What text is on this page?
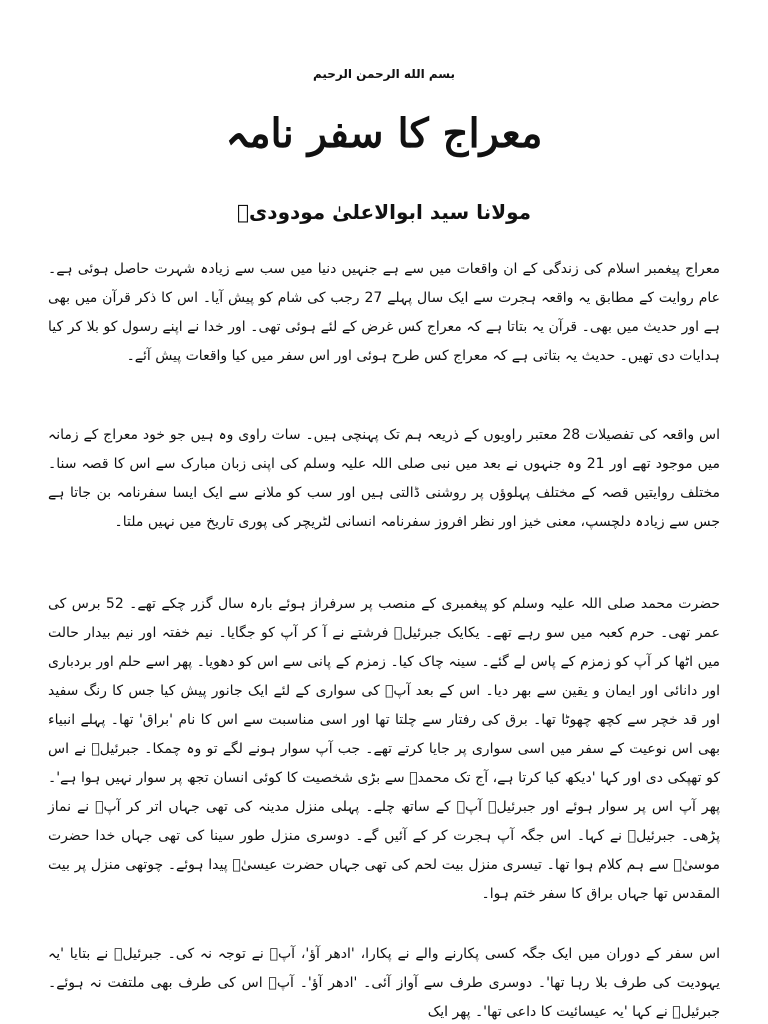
بسم الله الرحمن الرحیم
معراج کا سفر نامہ
مولانا سید ابوالاعلیٰ مودودیؒ

معراج پیغمبر اسلام کی زندگی کے ان واقعات میں سے ہے جنہیں دنیا میں سب سے زیادہ شہرت حاصل ہوئی ہے۔ عام روایت کے مطابق یہ واقعہ ہجرت سے ایک سال پہلے 27 رجب کی شام کو پیش آیا۔ اس کا ذکر قرآن میں بھی ہے اور حدیث میں بھی۔ قرآن یہ بتاتا ہے کہ معراج کس غرض کے لئے ہوئی تھی۔ اور خدا نے اپنے رسول کو بلا کر کیا ہدایات دی تھیں۔ حدیث یہ بتاتی ہے کہ معراج کس طرح ہوئی اور اس سفر میں کیا واقعات پیش آئے۔

اس واقعہ کی تفصیلات 28 معتبر راویوں کے ذریعہ ہم تک پہنچی ہیں۔ سات راوی وہ ہیں جو خود معراج کے زمانہ میں موجود تھے اور 21 وہ جنہوں نے بعد میں نبی صلی اللہ علیہ وسلم کی اپنی زبان مبارک سے اس کا قصہ سنا۔ مختلف روایتیں قصہ کے مختلف پہلوؤں پر روشنی ڈالتی ہیں اور سب کو ملانے سے ایک ایسا سفرنامہ بن جاتا ہے جس سے زیادہ دلچسپ، معنی خیز اور نظر افروز سفرنامہ انسانی لٹریچر کی پوری تاریخ میں نہیں ملتا۔

حضرت محمد صلی اللہ علیہ وسلم کو پیغمبری کے منصب پر سرفراز ہوئے بارہ سال گزر چکے تھے۔ 52 برس کی عمر تھی۔ حرم کعبہ میں سو رہے تھے۔ یکایک جبرئیلؑ فرشتے نے آ کر آپ کو جگایا۔ نیم خفتہ اور نیم بیدار حالت میں اٹھا کر آپ کو زمزم کے پاس لے گئے۔ سینہ چاک کیا۔ زمزم کے پانی سے اس کو دھویا۔ پھر اسے حلم اور بردباری اور دانائی اور ایمان و یقین سے بھر دیا۔ اس کے بعد آپؐ کی سواری کے لئے ایک جانور پیش کیا جس کا رنگ سفید اور قد خچر سے کچھ چھوٹا تھا۔ برق کی رفتار سے چلتا تھا اور اسی مناسبت سے اس کا نام 'براق' تھا۔ پہلے انبیاء بھی اس نوعیت کے سفر میں اسی سواری پر جایا کرتے تھے۔ جب آپ سوار ہونے لگے تو وہ چمکا۔ جبرئیلؑ نے اس کو تھپکی دی اور کہا 'دیکھ کیا کرتا ہے، آج تک محمدؐ سے بڑی شخصیت کا کوئی انسان تجھ پر سوار نہیں ہوا ہے'۔ پھر آپ اس پر سوار ہوئے اور جبرئیلؑ آپؐ کے ساتھ چلے۔ پہلی منزل مدینہ کی تھی جہاں اتر کر آپؐ نے نماز پڑھی۔ جبرئیلؑ نے کہا۔ اس جگہ آپ ہجرت کر کے آئیں گے۔ دوسری منزل طور سینا کی تھی جہاں خدا حضرت موسیٰؑ سے ہم کلام ہوا تھا۔ تیسری منزل بیت لحم کی تھی جہاں حضرت عیسیٰؑ پیدا ہوئے۔ چوتھی منزل پر بیت المقدس تھا جہاں براق کا سفر ختم ہوا۔

اس سفر کے دوران میں ایک جگہ کسی پکارنے والے نے پکارا، 'ادھر آؤ'، آپؐ نے توجہ نہ کی۔ جبرئیلؑ نے بتایا 'یہ یہودیت کی طرف بلا رہا تھا'۔ دوسری طرف سے آواز آئی۔ 'ادھر آؤ'۔ آپؐ اس کی طرف بھی ملتفت نہ ہوئے۔ جبرئیلؑ نے کہا 'یہ عیسائیت کا داعی تھا'۔ پھر ایک
